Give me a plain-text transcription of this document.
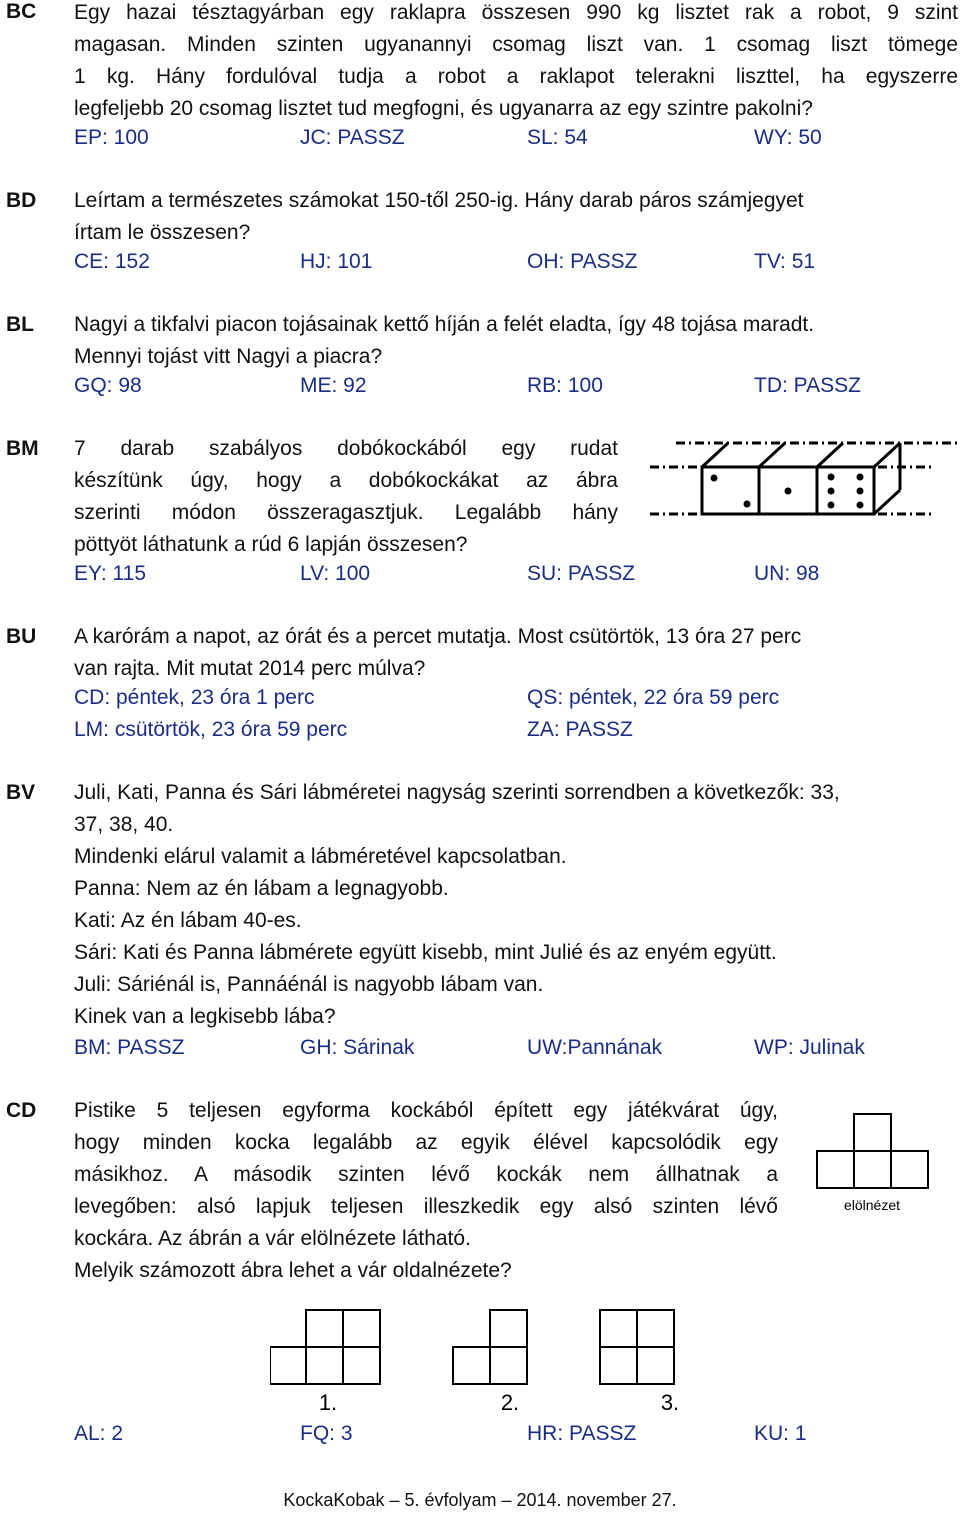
BC Egy hazai tésztagyárban egy raklapra összesen 990 kg lisztet rak a robot, 9 szint
magasan. Minden szinten ugyanannyi csomag liszt van. 1 csomag liszt tömege
1 kg. Hány fordulóval tudja a robot a raklapot telerakni liszttel, ha egyszerre
legfeljebb 20 csomag lisztet tud megfogni, és ugyanarra az egy szintre pakolni?
EP: 100	JC: PASSZ	SL: 54	WY: 50
BD Leírtam a természetes számokat 150-től 250-ig. Hány darab páros számjegyet
írtam le összesen?
CE: 152	HJ: 101	OH: PASSZ	TV: 51
BL Nagyi a tikfalvi piacon tojásainak kettő híján a felét eladta, így 48 tojása maradt.
Mennyi tojást vitt Nagyi a piacra?
GQ: 98	ME: 92	RB: 100	TD: PASSZ
BM 7 darab szabályos dobókockából egy rudat
készítünk úgy, hogy a dobókockákat az ábra
szerinti módon összeragasztjuk. Legalább hány
pöttyöt láthatunk a rúd 6 lapján összesen?
EY: 115	LV: 100	SU: PASSZ	UN: 98
BU A karórám a napot, az órát és a percet mutatja. Most csütörtök, 13 óra 27 perc
van rajta. Mit mutat 2014 perc múlva?
CD: péntek, 23 óra 1 perc	QS: péntek, 22 óra 59 perc
LM: csütörtök, 23 óra 59 perc	ZA: PASSZ
BV Juli, Kati, Panna és Sári lábméretei nagyság szerinti sorrendben a következők: 33,
37, 38, 40.
Mindenki elárul valamit a lábméretével kapcsolatban.
Panna: Nem az én lábam a legnagyobb.
Kati: Az én lábam 40-es.
Sári: Kati és Panna lábmérete együtt kisebb, mint Julié és az enyém együtt.
Juli: Sáriénál is, Pannáénál is nagyobb lábam van.
Kinek van a legkisebb lába?
BM: PASSZ	GH: Sárinak	UW:Pannának	WP: Julinak
CD Pistike 5 teljesen egyforma kockából épített egy játékvárat úgy,
hogy minden kocka legalább az egyik élével kapcsolódik egy
másikhoz. A második szinten lévő kockák nem állhatnak a
levegőben: alsó lapjuk teljesen illeszkedik egy alsó szinten lévő
kockára. Az ábrán a vár elölnézete látható.
Melyik számozott ábra lehet a vár oldalnézete?
elölnézet
1.	2.	3.
AL: 2	FQ: 3	HR: PASSZ	KU: 1
KockaKobak – 5. évfolyam – 2014. november 27.
